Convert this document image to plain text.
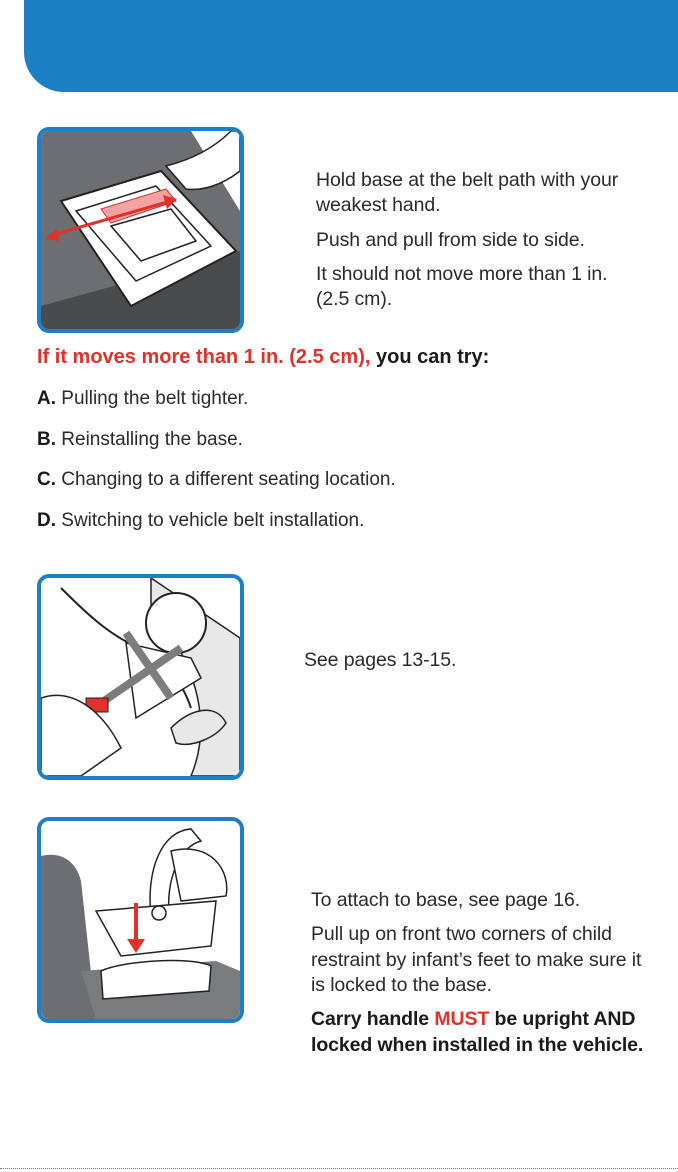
Hold base at the belt path with your weakest hand.

Push and pull from side to side.

It should not move more than 1 in. (2.5 cm).

If it moves more than 1 in. (2.5 cm), you can try:
A. Pulling the belt tighter.
B. Reinstalling the base.
C. Changing to a different seating location.
D. Switching to vehicle belt installation.

See pages 13-15.

To attach to base, see page 16.

Pull up on front two corners of child restraint by infant’s feet to make sure it is locked to the base.

Carry handle MUST be upright AND locked when installed in the vehicle.
